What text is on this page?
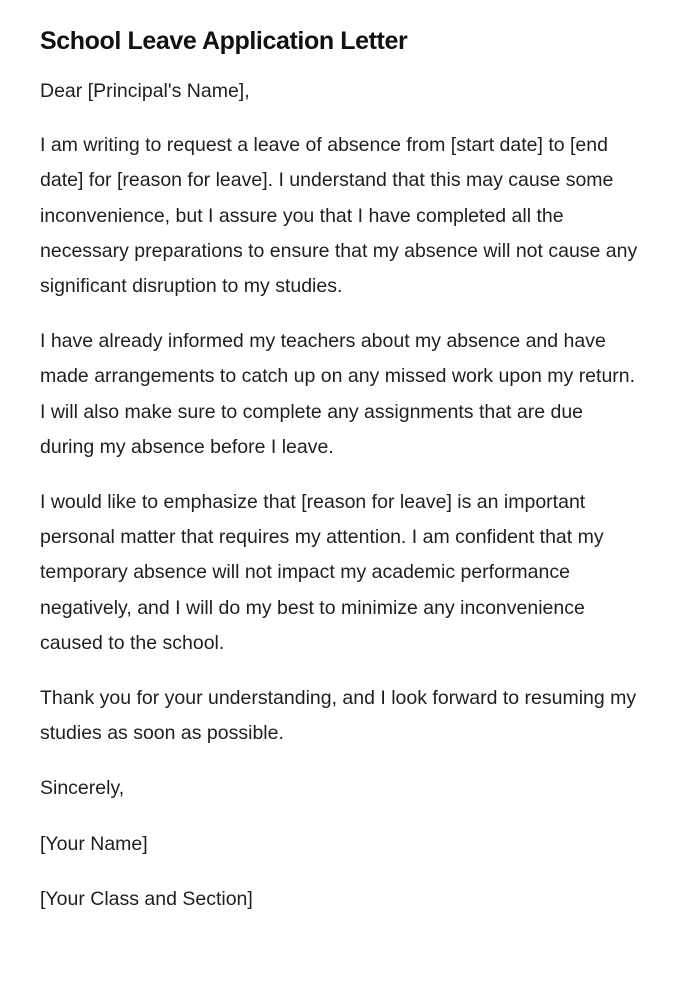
School Leave Application Letter

Dear [Principal's Name],

I am writing to request a leave of absence from [start date] to [end date] for [reason for leave]. I understand that this may cause some inconvenience, but I assure you that I have completed all the necessary preparations to ensure that my absence will not cause any significant disruption to my studies.

I have already informed my teachers about my absence and have made arrangements to catch up on any missed work upon my return. I will also make sure to complete any assignments that are due during my absence before I leave.

I would like to emphasize that [reason for leave] is an important personal matter that requires my attention. I am confident that my temporary absence will not impact my academic performance negatively, and I will do my best to minimize any inconvenience caused to the school.

Thank you for your understanding, and I look forward to resuming my studies as soon as possible.

Sincerely,

[Your Name]

[Your Class and Section]
